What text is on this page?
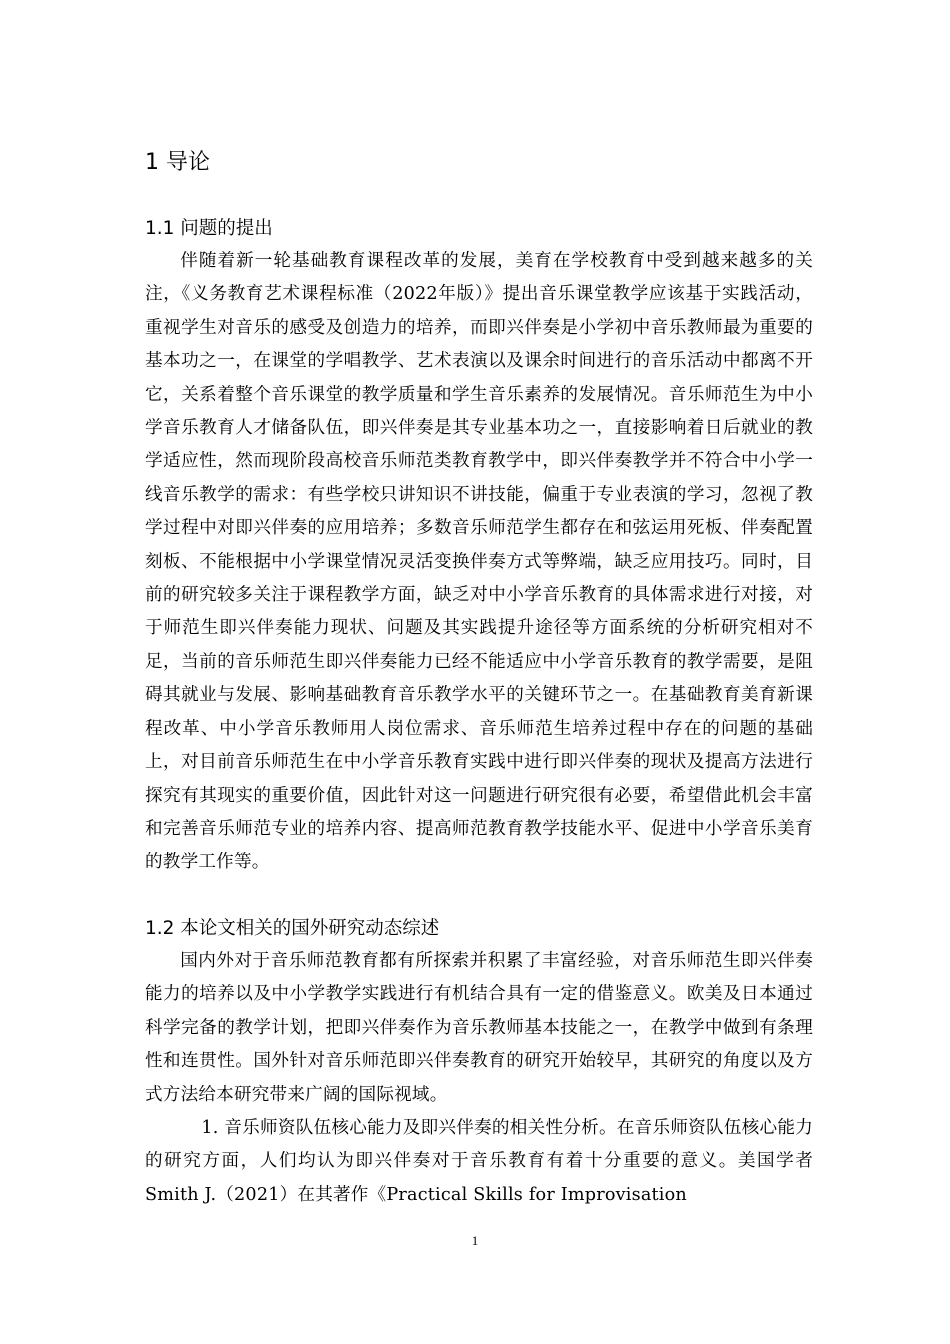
1 导论
1.1 问题的提出

伴随着新一轮基础教育课程改革的发展，美育在学校教育中受到越来越多的关注，《义务教育艺术课程标准（2022年版）》提出音乐课堂教学应该基于实践活动，重视学生对音乐的感受及创造力的培养，而即兴伴奏是小学初中音乐教师最为重要的基本功之一，在课堂的学唱教学、艺术表演以及课余时间进行的音乐活动中都离不开它，关系着整个音乐课堂的教学质量和学生音乐素养的发展情况。音乐师范生为中小学音乐教育人才储备队伍，即兴伴奏是其专业基本功之一，直接影响着日后就业的教学适应性，然而现阶段高校音乐师范类教育教学中，即兴伴奏教学并不符合中小学一线音乐教学的需求：有些学校只讲知识不讲技能，偏重于专业表演的学习，忽视了教学过程中对即兴伴奏的应用培养；多数音乐师范学生都存在和弦运用死板、伴奏配置刻板、不能根据中小学课堂情况灵活变换伴奏方式等弊端，缺乏应用技巧。同时，目前的研究较多关注于课程教学方面，缺乏对中小学音乐教育的具体需求进行对接，对于师范生即兴伴奏能力现状、问题及其实践提升途径等方面系统的分析研究相对不足，当前的音乐师范生即兴伴奏能力已经不能适应中小学音乐教育的教学需要，是阻碍其就业与发展、影响基础教育音乐教学水平的关键环节之一。在基础教育美育新课程改革、中小学音乐教师用人岗位需求、音乐师范生培养过程中存在的问题的基础上，对目前音乐师范生在中小学音乐教育实践中进行即兴伴奏的现状及提高方法进行探究有其现实的重要价值，因此针对这一问题进行研究很有必要，希望借此机会丰富和完善音乐师范专业的培养内容、提高师范教育教学技能水平、促进中小学音乐美育的教学工作等。

1.2 本论文相关的国外研究动态综述

国内外对于音乐师范教育都有所探索并积累了丰富经验，对音乐师范生即兴伴奏能力的培养以及中小学教学实践进行有机结合具有一定的借鉴意义。欧美及日本通过科学完备的教学计划，把即兴伴奏作为音乐教师基本技能之一，在教学中做到有条理性和连贯性。国外针对音乐师范即兴伴奏教育的研究开始较早，其研究的角度以及方式方法给本研究带来广阔的国际视域。

1. 音乐师资队伍核心能力及即兴伴奏的相关性分析。在音乐师资队伍核心能力的研究方面，人们均认为即兴伴奏对于音乐教育有着十分重要的意义。美国学者Smith J.（2021）在其著作《Practical Skills for Improvisation

1
